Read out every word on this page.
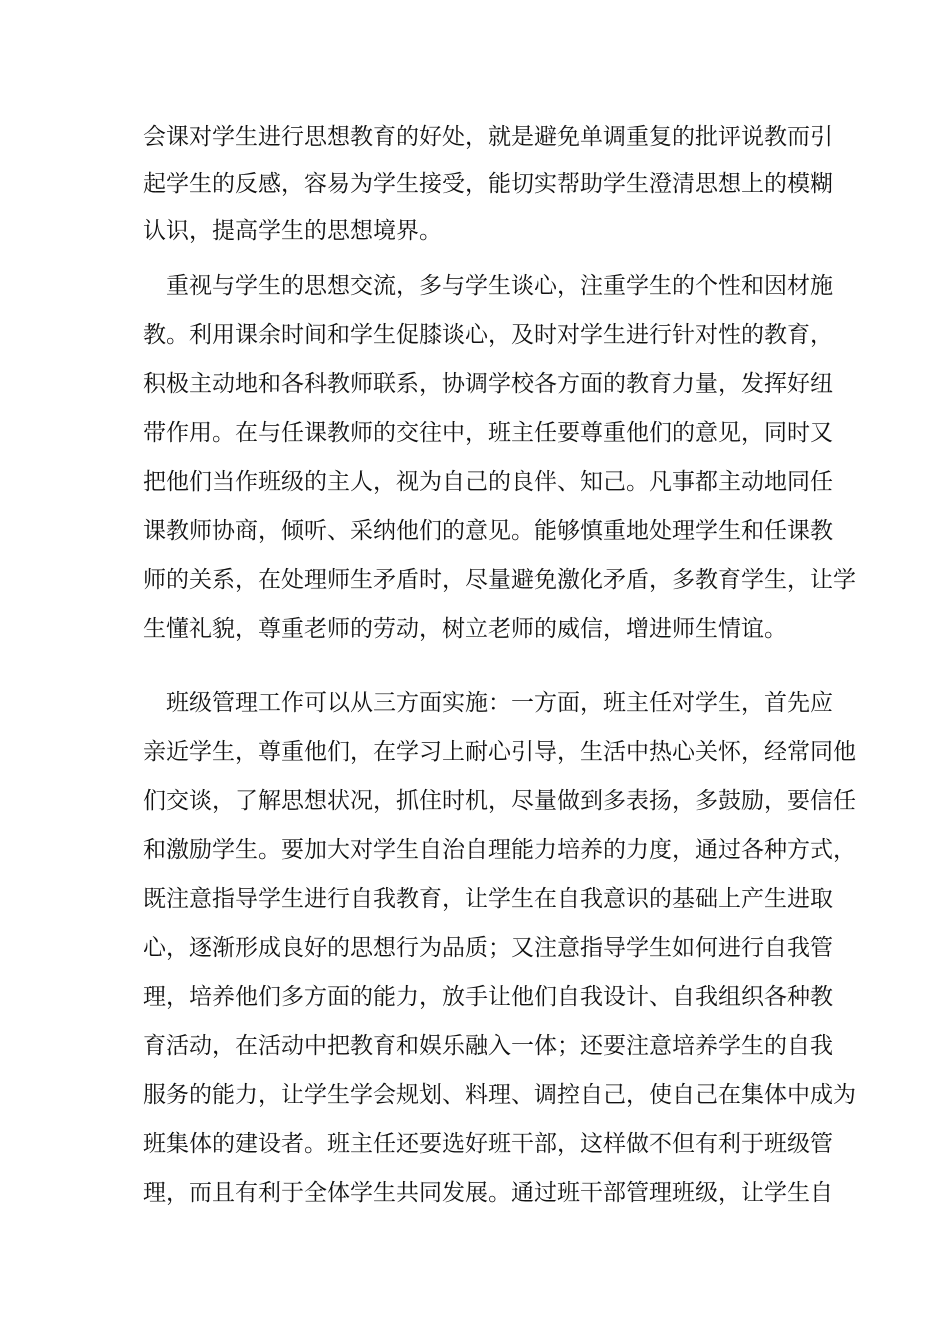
会课对学生进行思想教育的好处，就是避免单调重复的批评说教而引
起学生的反感，容易为学生接受，能切实帮助学生澄清思想上的模糊
认识，提高学生的思想境界。
重视与学生的思想交流，多与学生谈心，注重学生的个性和因材施
教。利用课余时间和学生促膝谈心，及时对学生进行针对性的教育，
积极主动地和各科教师联系，协调学校各方面的教育力量，发挥好纽
带作用。在与任课教师的交往中，班主任要尊重他们的意见，同时又
把他们当作班级的主人，视为自己的良伴、知己。凡事都主动地同任
课教师协商，倾听、采纳他们的意见。能够慎重地处理学生和任课教
师的关系，在处理师生矛盾时，尽量避免激化矛盾，多教育学生，让学
生懂礼貌，尊重老师的劳动，树立老师的威信，增进师生情谊。
班级管理工作可以从三方面实施：一方面，班主任对学生，首先应
亲近学生，尊重他们，在学习上耐心引导，生活中热心关怀，经常同他
们交谈，了解思想状况，抓住时机，尽量做到多表扬，多鼓励，要信任
和激励学生。要加大对学生自治自理能力培养的力度，通过各种方式，
既注意指导学生进行自我教育，让学生在自我意识的基础上产生进取
心，逐渐形成良好的思想行为品质；又注意指导学生如何进行自我管
理，培养他们多方面的能力，放手让他们自我设计、自我组织各种教
育活动，在活动中把教育和娱乐融入一体；还要注意培养学生的自我
服务的能力，让学生学会规划、料理、调控自己，使自己在集体中成为
班集体的建设者。班主任还要选好班干部，这样做不但有利于班级管
理，而且有利于全体学生共同发展。通过班干部管理班级，让学生自
